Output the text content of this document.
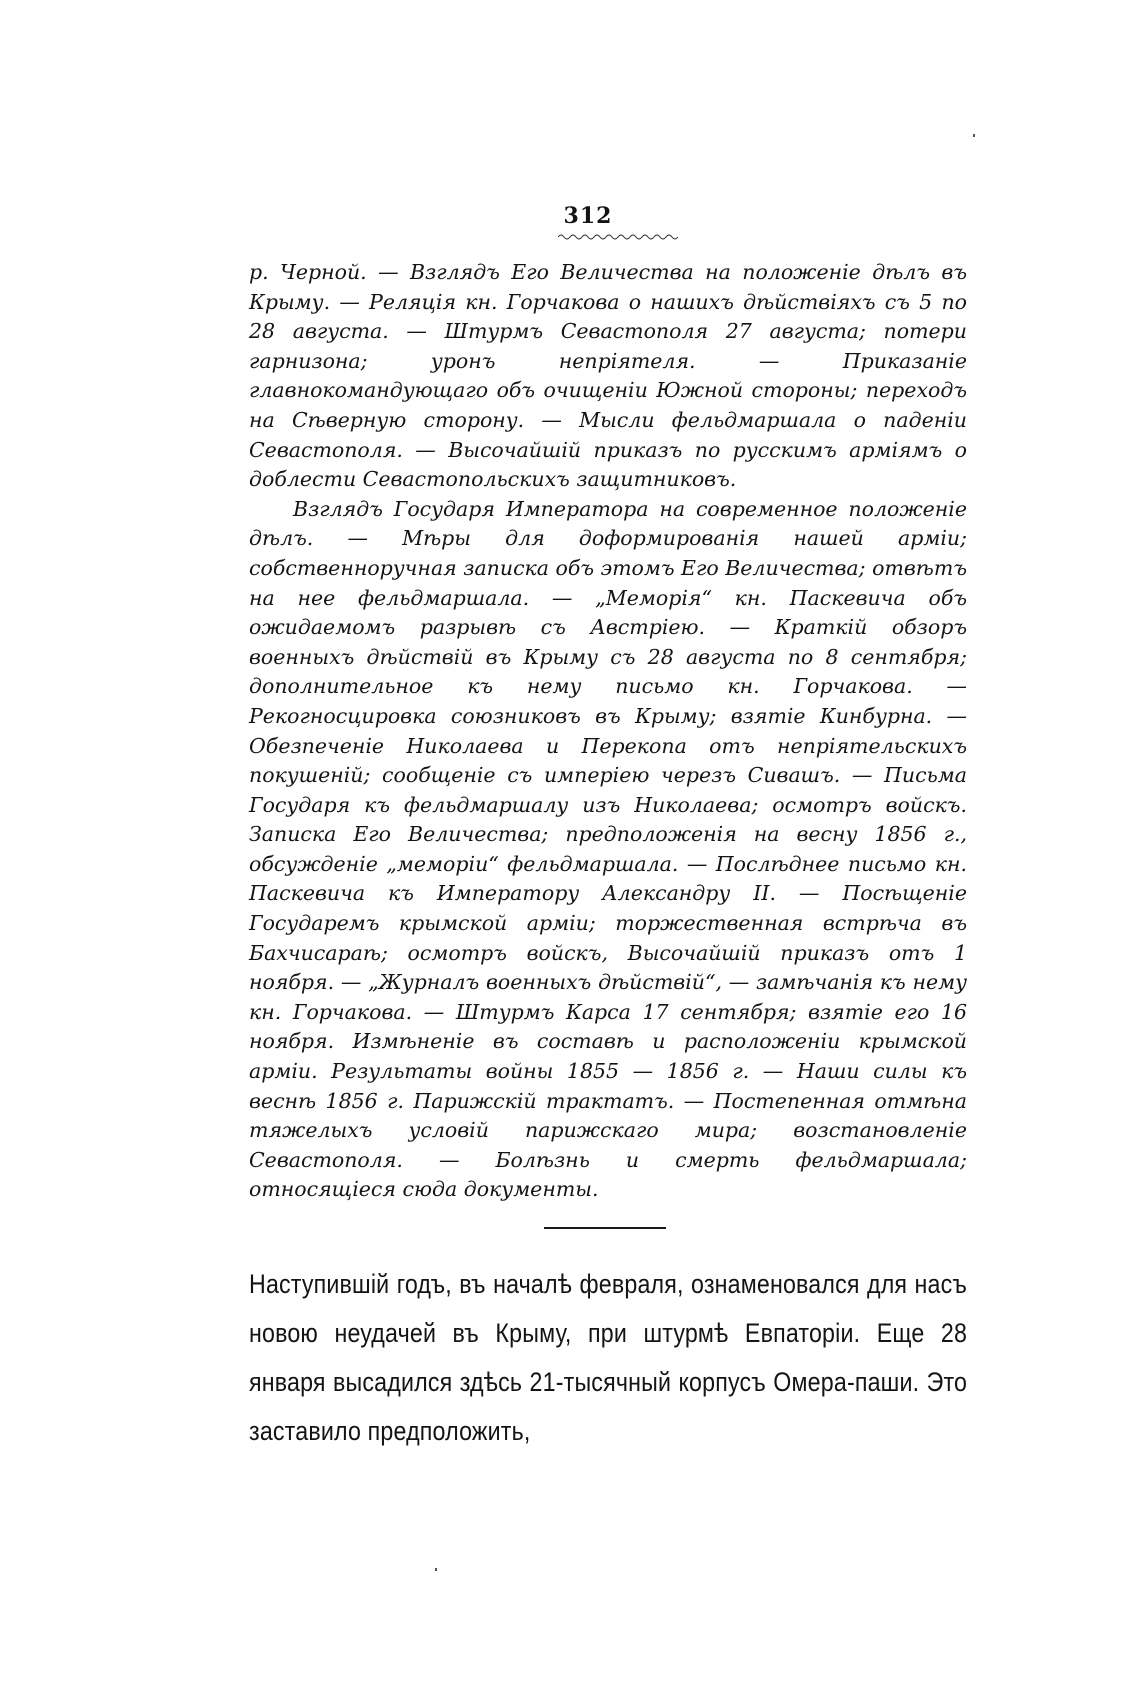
312

р. Черной. — Взглядъ Его Величества на положеніе дѣлъ въ Крыму. — Реляція кн. Горчакова о нашихъ дѣйствіяхъ съ 5 по 28 августа. — Штурмъ Севастополя 27 августа; потери гарнизона; уронъ непріятеля. — Приказаніе главнокомандующаго объ очищеніи Южной стороны; переходъ на Сѣверную сторону. — Мысли фельдмаршала о паденіи Севастополя. — Высочайшій приказъ по русскимъ арміямъ о доблести Севастопольскихъ защитниковъ.

Взглядъ Государя Императора на современное положеніе дѣлъ. — Мѣры для доформированія нашей арміи; собственноручная записка объ этомъ Его Величества; отвѣтъ на нее фельдмаршала. — „Меморія“ кн. Паскевича объ ожидаемомъ разрывѣ съ Австріею. — Краткій обзоръ военныхъ дѣйствій въ Крыму съ 28 августа по 8 сентября; дополнительное къ нему письмо кн. Горчакова. — Рекогносцировка союзниковъ въ Крыму; взятіе Кинбурна. — Обезпеченіе Николаева и Перекопа отъ непріятельскихъ покушеній; сообщеніе съ имперіею черезъ Сивашъ. — Письма Государя къ фельдмаршалу изъ Николаева; осмотръ войскъ. Записка Его Величества; предположенія на весну 1856 г., обсужденіе „меморіи“ фельдмаршала. — Послѣднее письмо кн. Паскевича къ Императору Александру II. — Посѣщеніе Государемъ крымской арміи; торжественная встрѣча въ Бахчисараѣ; осмотръ войскъ, Высочайшій приказъ отъ 1 ноября. — „Журналъ военныхъ дѣйствій“, — замѣчанія къ нему кн. Горчакова. — Штурмъ Карса 17 сентября; взятіе его 16 ноября. Измѣненіе въ составѣ и расположеніи крымской арміи. Результаты войны 1855 — 1856 г. — Наши силы къ веснѣ 1856 г. Парижскій трактатъ. — Постепенная отмѣна тяжелыхъ условій парижскаго мира; возстановленіе Севастополя. — Болѣзнь и смерть фельдмаршала; относящіеся сюда документы.

Наступившій годъ, въ началѣ февраля, ознаменовался для насъ новою неудачей въ Крыму, при штурмѣ Евпаторіи. Еще 28 января высадился здѣсь 21-тысячный корпусъ Омера-паши. Это заставило предположить,
